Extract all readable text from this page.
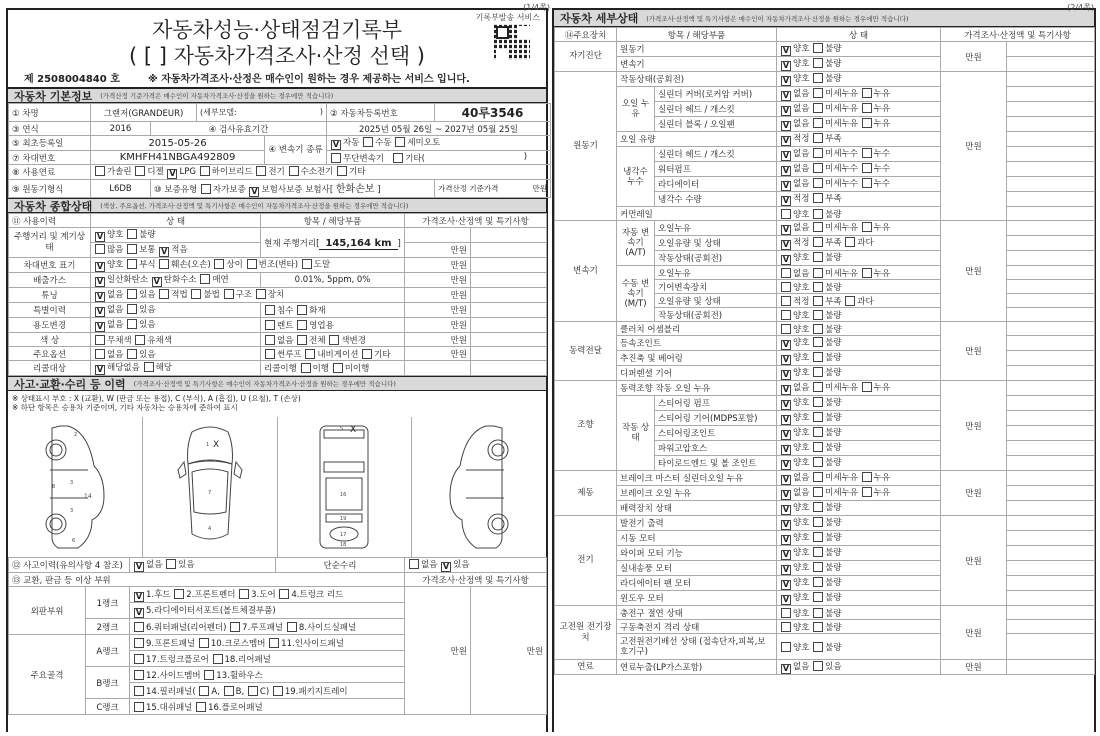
(1/4쪽)
자동차성능·상태점검기록부
( [ ] 자동차가격조사·산정 선택 )
기록부발송 서비스
제 2508004840 호	※ 자동차가격조사·산정은 매수인이 원하는 경우 제공하는 서비스 입니다.
자동차 기본정보 (가격산정 기준가격은 매수인이 자동차가격조사·산정을 원하는 경우에만 적습니다)
① 차명	그랜저(GRANDEUR)		(세부모델: )		② 자동차등록번호	40루3546
③ 연식	2016	④ 검사유효기간			2025년 05월 26일 ~ 2027년 05월 25일	
⑤ 최초등록일	2015-05-26			④ 변속기 종류	V 자동 수동 세미오토	
⑦ 차대번호	KMHFH41NBGA492809				무단변속기 기타( )	

⑧ 사용연료	가솔린 디젤 V LPG 하이브리드 전기 수소전기 기타					
⑨ 원동기형식	L6DB	⑩ 보증유형 자가보증 V 보험사보증 보험사[ 한화손보 ]				가격산정 기준가격 만원
자동차 종합상태 (색상, 주요옵션, 가격조사·산정액 및 특기사항은 매수인이 자동차가격조사·산정을 원하는 경우에만 적습니다)
⑪ 사용이력	상 태	항목 / 해당부품	가격조사·산정액 및 특기사항	
주행거리 및 계기상태	V 양호 불량	현재 주행거리[ 145,164 km ]		
	많음 보통 V 적음		만원	
차대번호 표기	V 양호 부식 훼손(오손) 상이 변조(변타) 도말		만원	
배출가스	V 일산화탄소 V 탄화수소 매연	0.01%, 5ppm, 0%	만원	
튜닝	V 없음 있음 적법 불법 구조 장치		만원	
특별이력	V 없음 있음	침수 화재	만원	
용도변경	V 없음 있음	렌트 영업용	만원	
색 상	무채색 유채색	없음 전체 색변경	만원	
주요옵션	없음 있음	썬루프 내비게이션 기타	만원	
리콜대상	V 해당없음 해당	리콜이행 이행 미이행		
사고·교환·수리 등 이력 (가격조사·산정액 및 특기사항은 매수인이 자동차가격조사·산정을 원하는 경우에만 적습니다)
※ 상태표시 부호 : X (교환), W (판금 또는 용접), C (부식), A (흠집), U (요철), T (손상)
※ 하단 항목은 승용차 기준이며, 기타 자동차는 승용차에 준하여 표시
2
3
3
14
6
8
1 X
7
4
5 X
16
19
17
18
⑫ 사고이력(유의사항 4 참조)		V 없음 있음	단순수리	없음 V 있음	
⑬ 교환, 판금 등 이상 부위				가격조사·산정액 및 특기사항	
외판부위	1랭크	V 1.후드 2.프론트펜더 3.도어 4.트렁크 리드		만원	만원
		V 5.라디에이터서포트(볼트체결부품)			
	2랭크	6.쿼터패널(리어펜더) 7.루프패널 8.사이드실패널			
주요골격	A랭크	9.프론트패널 10.크로스멤버 11.인사이드패널			
		17.트렁크플로어 18.리어패널			
	B랭크	12.사이드멤버 13.휠하우스			
		14.필러패널( A, B, C) 19.패키지트레이			
	C랭크	15.대쉬패널 16.플로어패널			
(2/4쪽)
자동차 세부상태 (가격조사·산정액 및 특기사항은 매수인이 자동차가격조사·산정을 원하는 경우에만 적습니다)
⑭주요장치	항목 / 해당부품		상 태	가격조사·산정액 및 특기사항	
자기진단	원동기		V 양호 불량	만원	
	변속기		V 양호 불량		
원동기	작동상태(공회전)		V 양호 불량	만원	
	오일 누유	실린더 커버(로커암 커버)	V 없음 미세누유 누유		
		실린더 헤드 / 개스킷	V 없음 미세누유 누유		
		실린더 블록 / 오일팬	V 없음 미세누유 누유		
	오일 유량		V 적정 부족		
	냉각수 누수	실린더 헤드 / 개스킷	V 없음 미세누수 누수		
		워터펌프	V 없음 미세누수 누수		
		라디에이터	V 없음 미세누수 누수		
		냉각수 수량	V 적정 부족		
	커먼레일		양호 불량		
변속기	자동 변속기 (A/T)	오일누유	V 없음 미세누유 누유	만원	
		오일유량 및 상태	V 적정 부족 과다		
		작동상태(공회전)	V 양호 불량		
	수동 변속기 (M/T)	오일누유	없음 미세누유 누유		
		기어변속장치	양호 불량		
		오일유량 및 상태	적정 부족 과다		
		작동상태(공회전)	양호 불량		
동력전달	클러치 어셈블리		양호 불량	만원	
	등속조인트		V 양호 불량		
	추진축 및 베어링		V 양호 불량		
	디퍼렌셜 기어		V 양호 불량		
조향	동력조향 작동 오일 누유		V 없음 미세누유 누유	만원	
	작동 상태	스티어링 펌프	V 양호 불량		
		스티어링 기어(MDPS포함)	V 양호 불량		
		스티어링조인트	V 양호 불량		
		파워고압호스	V 양호 불량		
		타이로드엔드 및 볼 조인트	V 양호 불량		
제동	브레이크 마스터 실린더오일 누유		V 없음 미세누유 누유	만원	
	브레이크 오일 누유		V 없음 미세누유 누유		
	배력장치 상태		V 양호 불량		
전기	발전기 출력		V 양호 불량	만원	
	시동 모터		V 양호 불량		
	와이퍼 모터 기능		V 양호 불량		
	실내송풍 모터		V 양호 불량		
	라디에이터 팬 모터		V 양호 불량		
	윈도우 모터		V 양호 불량		
고전원 전기장치	충전구 절연 상태		양호 불량	만원	
	구동축전지 격리 상태		양호 불량		
	고전원전기배선 상태 (접속단자,피복,보호기구)		양호 불량		
연료	연료누출(LP가스포함)		V 없음 있음	만원	
